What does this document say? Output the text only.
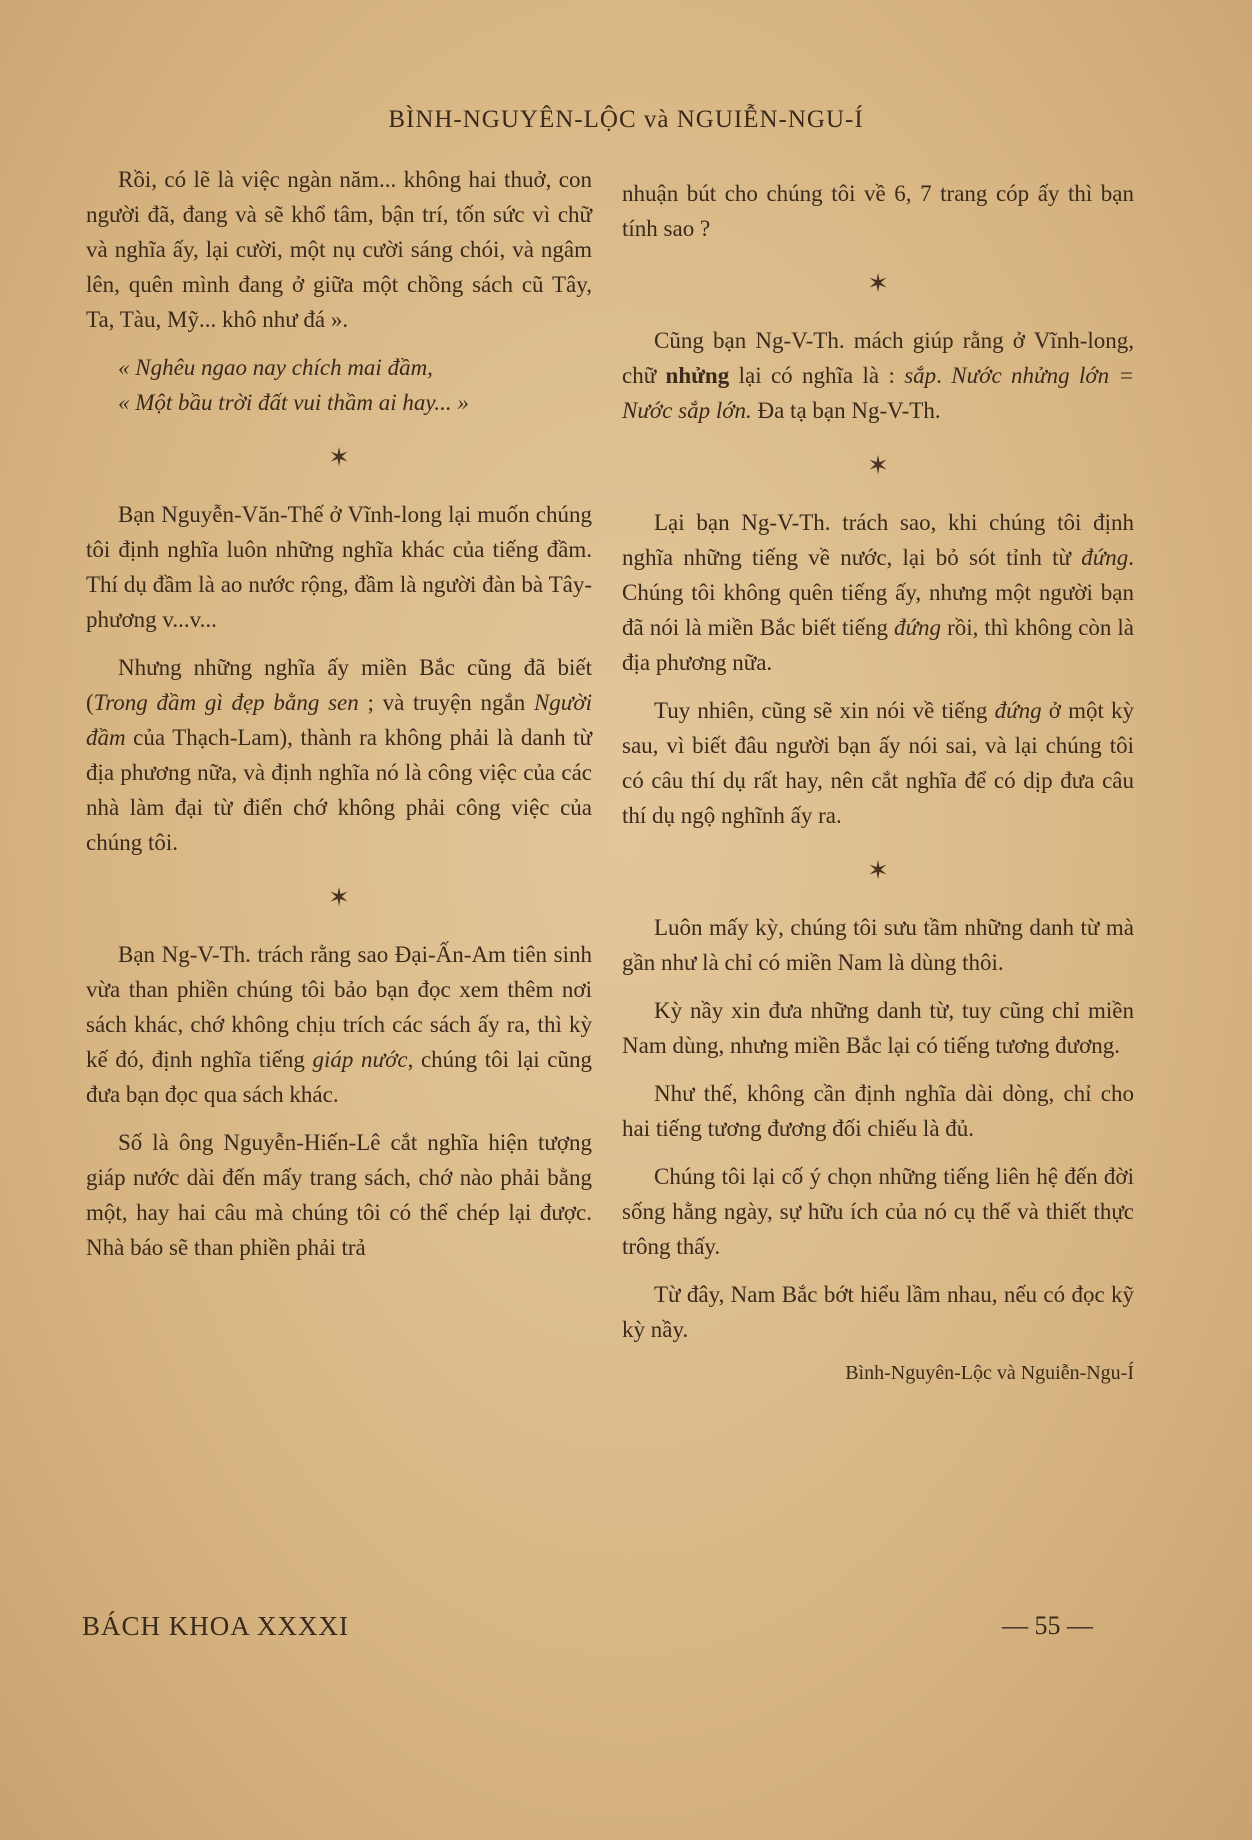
BÌNH-NGUYÊN-LỘC và NGUIỄN-NGU-Í

Rồi, có lẽ là việc ngàn năm... không hai thuở, con người đã, đang và sẽ khổ tâm, bận trí, tốn sức vì chữ và nghĩa ấy, lại cười, một nụ cười sáng chói, và ngâm lên, quên mình đang ở giữa một chồng sách cũ Tây, Ta, Tàu, Mỹ... khô như đá ».

« Nghêu ngao nay chích mai đầm,
« Một bầu trời đất vui thầm ai hay... »
✶

Bạn Nguyễn-Văn-Thế ở Vĩnh-long lại muốn chúng tôi định nghĩa luôn những nghĩa khác của tiếng đầm. Thí dụ đầm là ao nước rộng, đầm là người đàn bà Tây-phương v...v...

Nhưng những nghĩa ấy miền Bắc cũng đã biết (Trong đầm gì đẹp bằng sen ; và truyện ngắn Người đầm của Thạch-Lam), thành ra không phải là danh từ địa phương nữa, và định nghĩa nó là công việc của các nhà làm đại từ điển chớ không phải công việc của chúng tôi.

✶

Bạn Ng-V-Th. trách rằng sao Đại-Ấn-Am tiên sinh vừa than phiền chúng tôi bảo bạn đọc xem thêm nơi sách khác, chớ không chịu trích các sách ấy ra, thì kỳ kế đó, định nghĩa tiếng giáp nước, chúng tôi lại cũng đưa bạn đọc qua sách khác.

Số là ông Nguyễn-Hiến-Lê cắt nghĩa hiện tượng giáp nước dài đến mấy trang sách, chớ nào phải bằng một, hay hai câu mà chúng tôi có thể chép lại được. Nhà báo sẽ than phiền phải trả

nhuận bút cho chúng tôi về 6, 7 trang cóp ấy thì bạn tính sao ?

✶

Cũng bạn Ng-V-Th. mách giúp rằng ở Vĩnh-long, chữ nhửng lại có nghĩa là : sắp. Nước nhửng lớn = Nước sắp lớn. Đa tạ bạn Ng-V-Th.

✶

Lại bạn Ng-V-Th. trách sao, khi chúng tôi định nghĩa những tiếng về nước, lại bỏ sót tỉnh từ đứng. Chúng tôi không quên tiếng ấy, nhưng một người bạn đã nói là miền Bắc biết tiếng đứng rồi, thì không còn là địa phương nữa.

Tuy nhiên, cũng sẽ xin nói về tiếng đứng ở một kỳ sau, vì biết đâu người bạn ấy nói sai, và lại chúng tôi có câu thí dụ rất hay, nên cắt nghĩa để có dịp đưa câu thí dụ ngộ nghĩnh ấy ra.

✶

Luôn mấy kỳ, chúng tôi sưu tầm những danh từ mà gần như là chỉ có miền Nam là dùng thôi.

Kỳ nầy xin đưa những danh từ, tuy cũng chỉ miền Nam dùng, nhưng miền Bắc lại có tiếng tương đương.

Như thế, không cần định nghĩa dài dòng, chỉ cho hai tiếng tương đương đối chiếu là đủ.

Chúng tôi lại cố ý chọn những tiếng liên hệ đến đời sống hằng ngày, sự hữu ích của nó cụ thể và thiết thực trông thấy.

Từ đây, Nam Bắc bớt hiểu lầm nhau, nếu có đọc kỹ kỳ nầy.

Bình-Nguyên-Lộc và Nguiễn-Ngu-Í
BÁCH KHOA XXXXI	— 55 —
